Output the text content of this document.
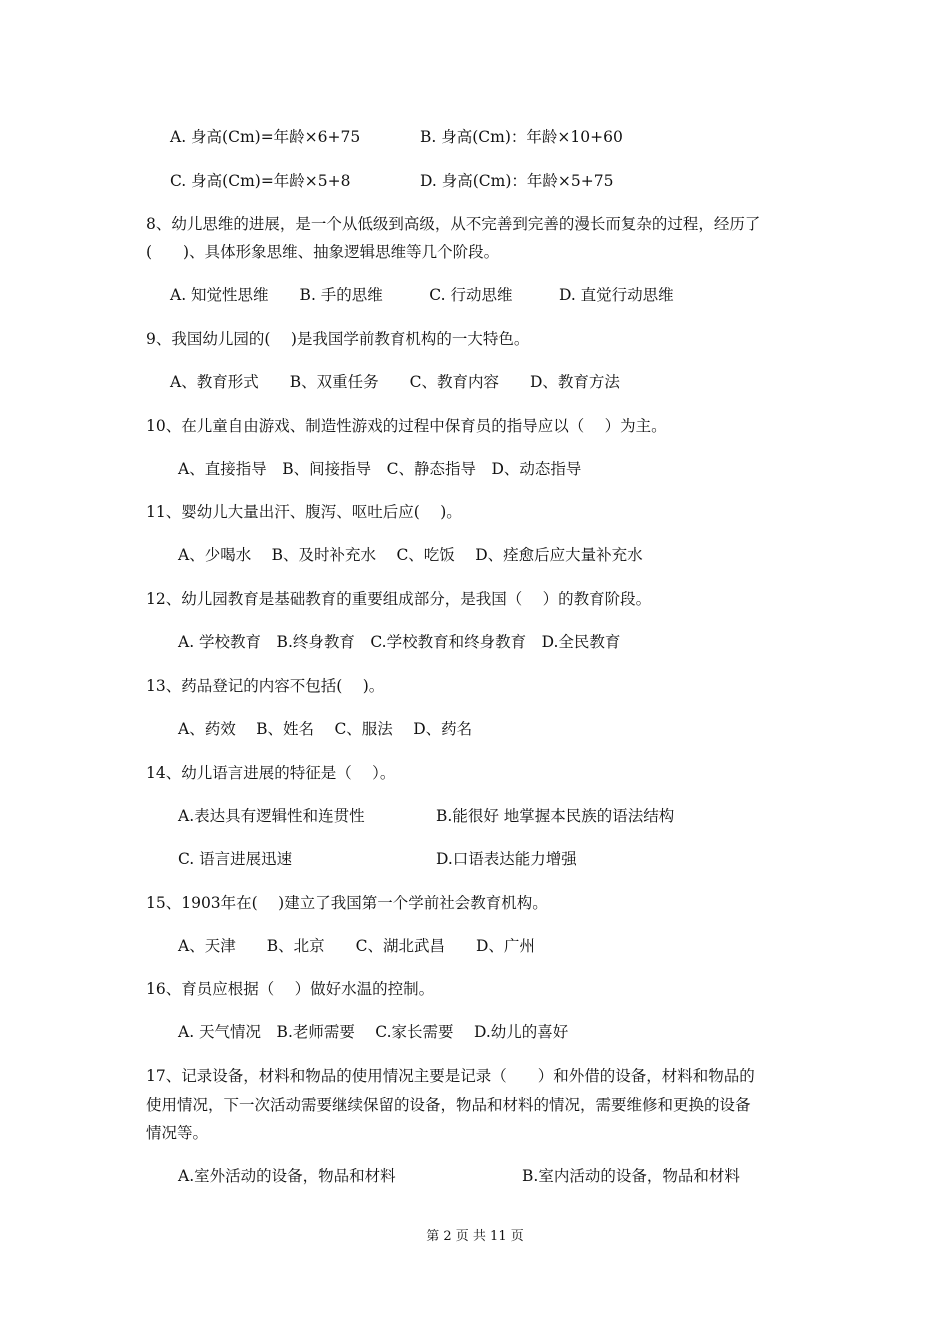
A. 身高(Cm)=年龄×6+75	B. 身高(Cm)：年龄×10+60
C. 身高(Cm)=年龄×5+8	D. 身高(Cm)：年龄×5+75
8、幼儿思维的进展，是一个从低级到高级，从不完善到完善的漫长而复杂的过程，经历了
(　　)、具体形象思维、抽象逻辑思维等几个阶段。
A. 知觉性思维　　B. 手的思维　　　C. 行动思维　　　D. 直觉行动思维
9、我国幼儿园的(　 )是我国学前教育机构的一大特色。
A、教育形式　　B、双重任务　　C、教育内容　　D、教育方法
10、在儿童自由游戏、制造性游戏的过程中保育员的指导应以（　 ）为主。
A、直接指导　B、间接指导　C、静态指导　D、动态指导
11、婴幼儿大量出汗、腹泻、呕吐后应(　 )。
A、少喝水　 B、及时补充水　 C、吃饭　 D、痊愈后应大量补充水
12、幼儿园教育是基础教育的重要组成部分，是我国（　 ）的教育阶段。
A. 学校教育　B.终身教育　C.学校教育和终身教育　D.全民教育
13、药品登记的内容不包括(　 )。
A、药效　 B、姓名　 C、服法　 D、药名
14、幼儿语言进展的特征是（　 ）。
A.表达具有逻辑性和连贯性	B.能很好 地掌握本民族的语法结构
C. 语言进展迅速	D.口语表达能力增强
15、1903年在(　 )建立了我国第一个学前社会教育机构。
A、天津　　B、北京　　C、湖北武昌　　D、广州
16、育员应根据（　 ）做好水温的控制。
A. 天气情况　B.老师需要　 C.家长需要　 D.幼儿的喜好
17、记录设备，材料和物品的使用情况主要是记录（　　）和外借的设备，材料和物品的
使用情况，下一次活动需要继续保留的设备，物品和材料的情况，需要维修和更换的设备
情况等。
A.室外活动的设备，物品和材料	B.室内活动的设备，物品和材料
第 2 页 共 11 页
